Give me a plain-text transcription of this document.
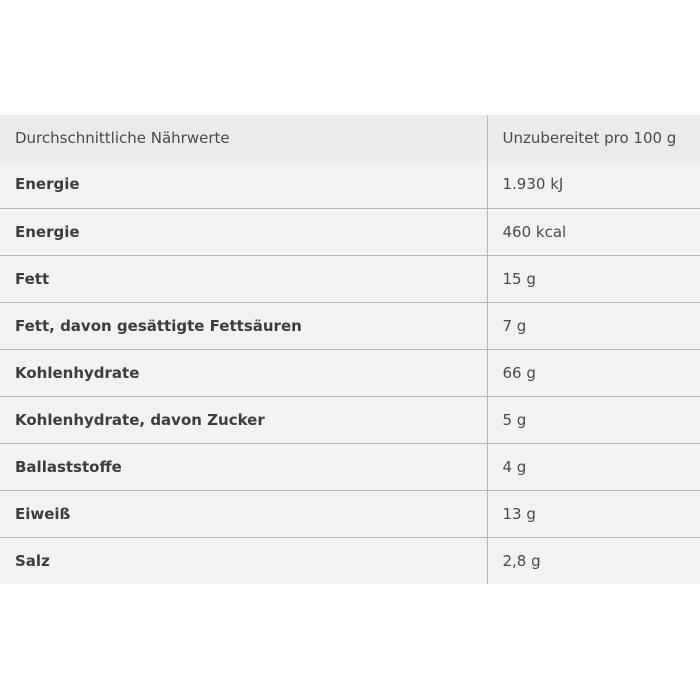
Durchschnittliche Nährwerte	Unzubereitet pro 100 g
Energie	1.930 kJ
Energie	460 kcal
Fett	15 g
Fett, davon gesättigte Fettsäuren	7 g
Kohlenhydrate	66 g
Kohlenhydrate, davon Zucker	5 g
Ballaststoffe	4 g
Eiweiß	13 g
Salz	2,8 g
